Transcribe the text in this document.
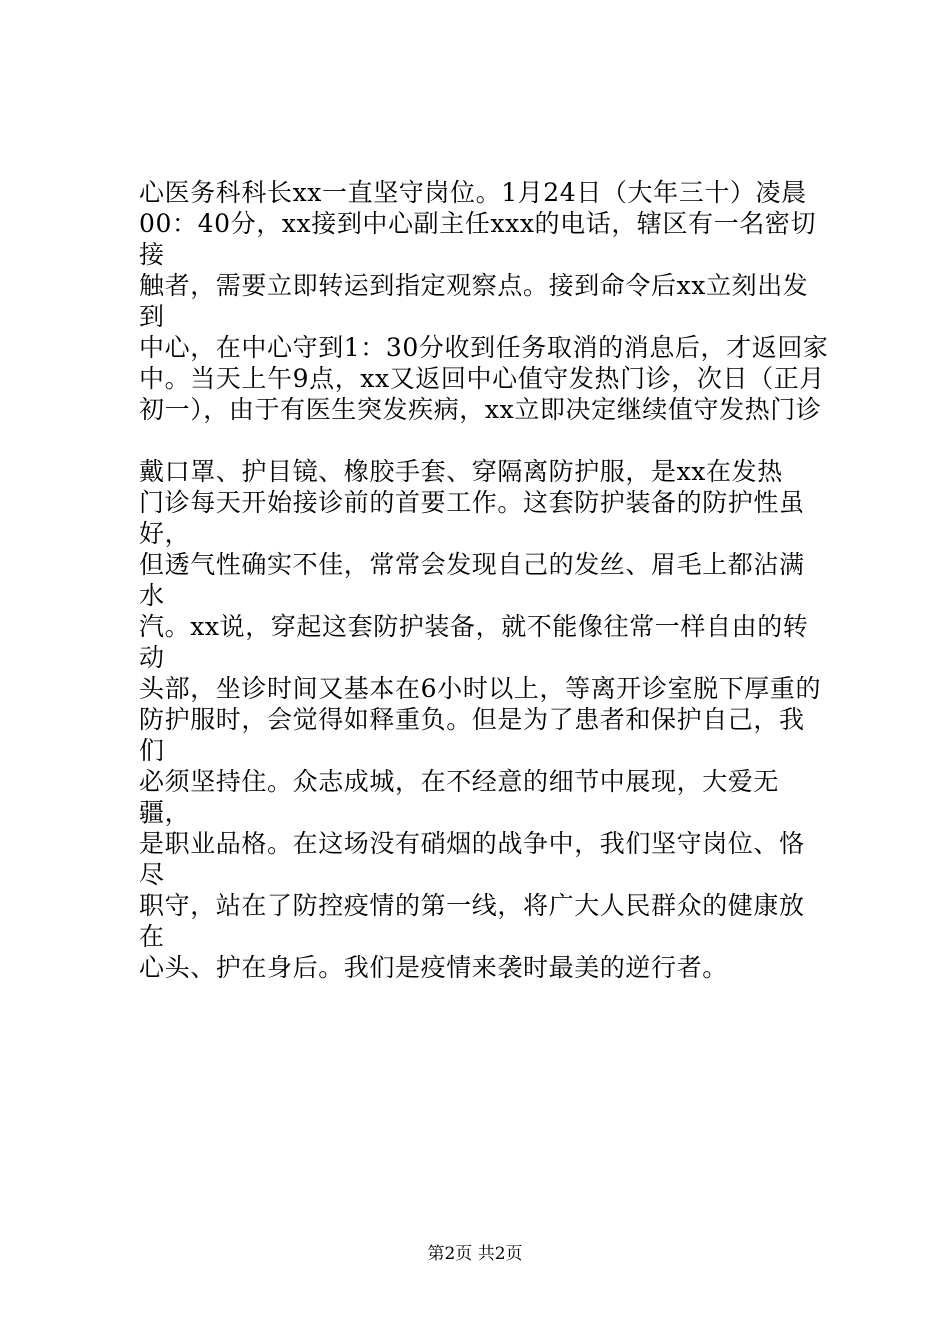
心医务科科长xx一直坚守岗位。1月24日（大年三十）凌晨
00：40分，xx接到中心副主任xxx的电话，辖区有一名密切接
触者，需要立即转运到指定观察点。接到命令后xx立刻出发到
中心，在中心守到1：30分收到任务取消的消息后，才返回家
中。当天上午9点，xx又返回中心值守发热门诊，次日（正月
初一），由于有医生突发疾病，xx立即决定继续值守发热门诊

戴口罩、护目镜、橡胶手套、穿隔离防护服，是xx在发热
门诊每天开始接诊前的首要工作。这套防护装备的防护性虽好，
但透气性确实不佳，常常会发现自己的发丝、眉毛上都沾满水
汽。xx说，穿起这套防护装备，就不能像往常一样自由的转动
头部，坐诊时间又基本在6小时以上，等离开诊室脱下厚重的
防护服时，会觉得如释重负。但是为了患者和保护自己，我们
必须坚持住。众志成城，在不经意的细节中展现，大爱无疆，
是职业品格。在这场没有硝烟的战争中，我们坚守岗位、恪尽
职守，站在了防控疫情的第一线，将广大人民群众的健康放在
心头、护在身后。我们是疫情来袭时最美的逆行者。

第2页 共2页
